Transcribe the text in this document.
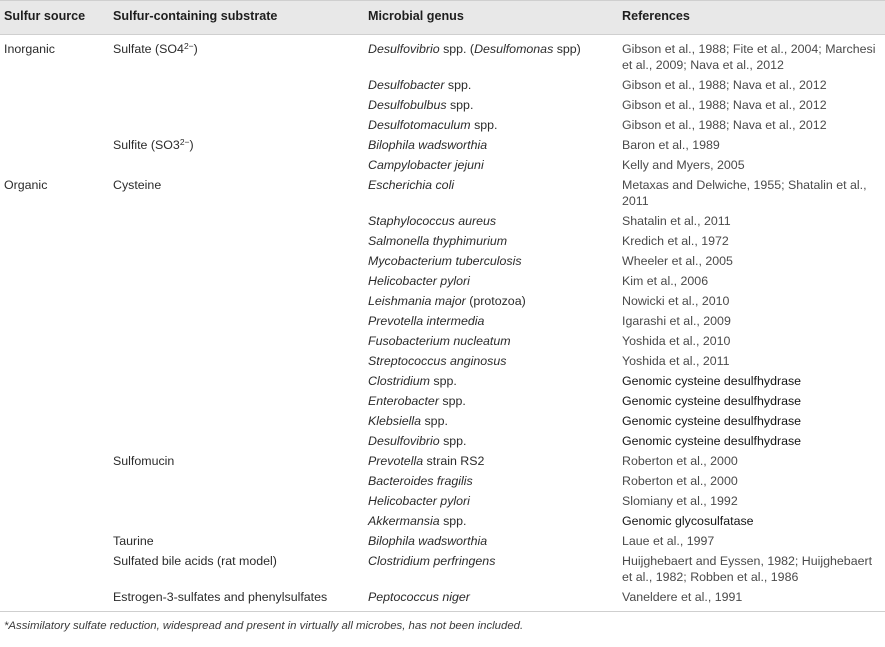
Sulfur source	Sulfur-containing substrate	Microbial genus	References
Inorganic	Sulfate $(SO4^{2-})$	Desulfovibrio spp. (Desulfomonas spp)	Gibson et al., 1988; Fite et al., 2004; Marchesi et al., 2009; Nava et al., 2012
		Desulfobacter spp.	Gibson et al., 1988; Nava et al., 2012
		Desulfobulbus spp.	Gibson et al., 1988; Nava et al., 2012
		Desulfotomaculum spp.	Gibson et al., 1988; Nava et al., 2012
	Sulfite $(SO3^{2-})$	Bilophila wadsworthia	Baron et al., 1989
		Campylobacter jejuni	Kelly and Myers, 2005
Organic	Cysteine	Escherichia coli	Metaxas and Delwiche, 1955; Shatalin et al., 2011
		Staphylococcus aureus	Shatalin et al., 2011
		Salmonella thyphimurium	Kredich et al., 1972
		Mycobacterium tuberculosis	Wheeler et al., 2005
		Helicobacter pylori	Kim et al., 2006
		Leishmania major (protozoa)	Nowicki et al., 2010
		Prevotella intermedia	Igarashi et al., 2009
		Fusobacterium nucleatum	Yoshida et al., 2010
		Streptococcus anginosus	Yoshida et al., 2011
		Clostridium spp.	Genomic cysteine desulfhydrase
		Enterobacter spp.	Genomic cysteine desulfhydrase
		Klebsiella spp.	Genomic cysteine desulfhydrase
		Desulfovibrio spp.	Genomic cysteine desulfhydrase
	Sulfomucin	Prevotella strain RS2	Roberton et al., 2000
		Bacteroides fragilis	Roberton et al., 2000
		Helicobacter pylori	Slomiany et al., 1992
		Akkermansia spp.	Genomic glycosulfatase
	Taurine	Bilophila wadsworthia	Laue et al., 1997
	Sulfated bile acids (rat model)	Clostridium perfringens	Huijghebaert and Eyssen, 1982; Huijghebaert et al., 1982; Robben et al., 1986
	Estrogen-3-sulfates and phenylsulfates	Peptococcus niger	Vaneldere et al., 1991
*Assimilatory sulfate reduction, widespread and present in virtually all microbes, has not been included.
